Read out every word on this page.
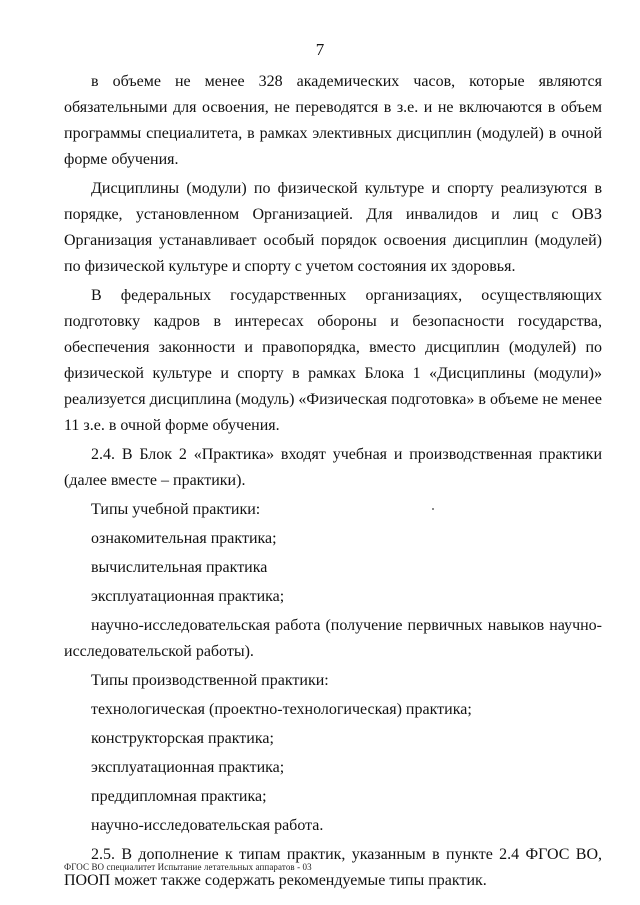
7

в объеме не менее 328 академических часов, которые являются обязательными для освоения, не переводятся в з.е. и не включаются в объем программы специалитета, в рамках элективных дисциплин (модулей) в очной форме обучения.

Дисциплины (модули) по физической культуре и спорту реализуются в порядке, установленном Организацией. Для инвалидов и лиц с ОВЗ Организация устанавливает особый порядок освоения дисциплин (модулей) по физической культуре и спорту с учетом состояния их здоровья.

В федеральных государственных организациях, осуществляющих подготовку кадров в интересах обороны и безопасности государства, обеспечения законности и правопорядка, вместо дисциплин (модулей) по физической культуре и спорту в рамках Блока 1 «Дисциплины (модули)» реализуется дисциплина (модуль) «Физическая подготовка» в объеме не менее 11 з.е. в очной форме обучения.

2.4. В Блок 2 «Практика» входят учебная и производственная практики (далее вместе – практики).

Типы учебной практики:

ознакомительная практика;

вычислительная практика

эксплуатационная практика;

научно-исследовательская работа (получение первичных навыков научно-исследовательской работы).

Типы производственной практики:

технологическая (проектно-технологическая) практика;

конструкторская практика;

эксплуатационная практика;

преддипломная практика;

научно-исследовательская работа.

2.5. В дополнение к типам практик, указанным в пункте 2.4 ФГОС ВО, ПООП может также содержать рекомендуемые типы практик.

ФГОС ВО специалитет Испытание летательных аппаратов - 03
